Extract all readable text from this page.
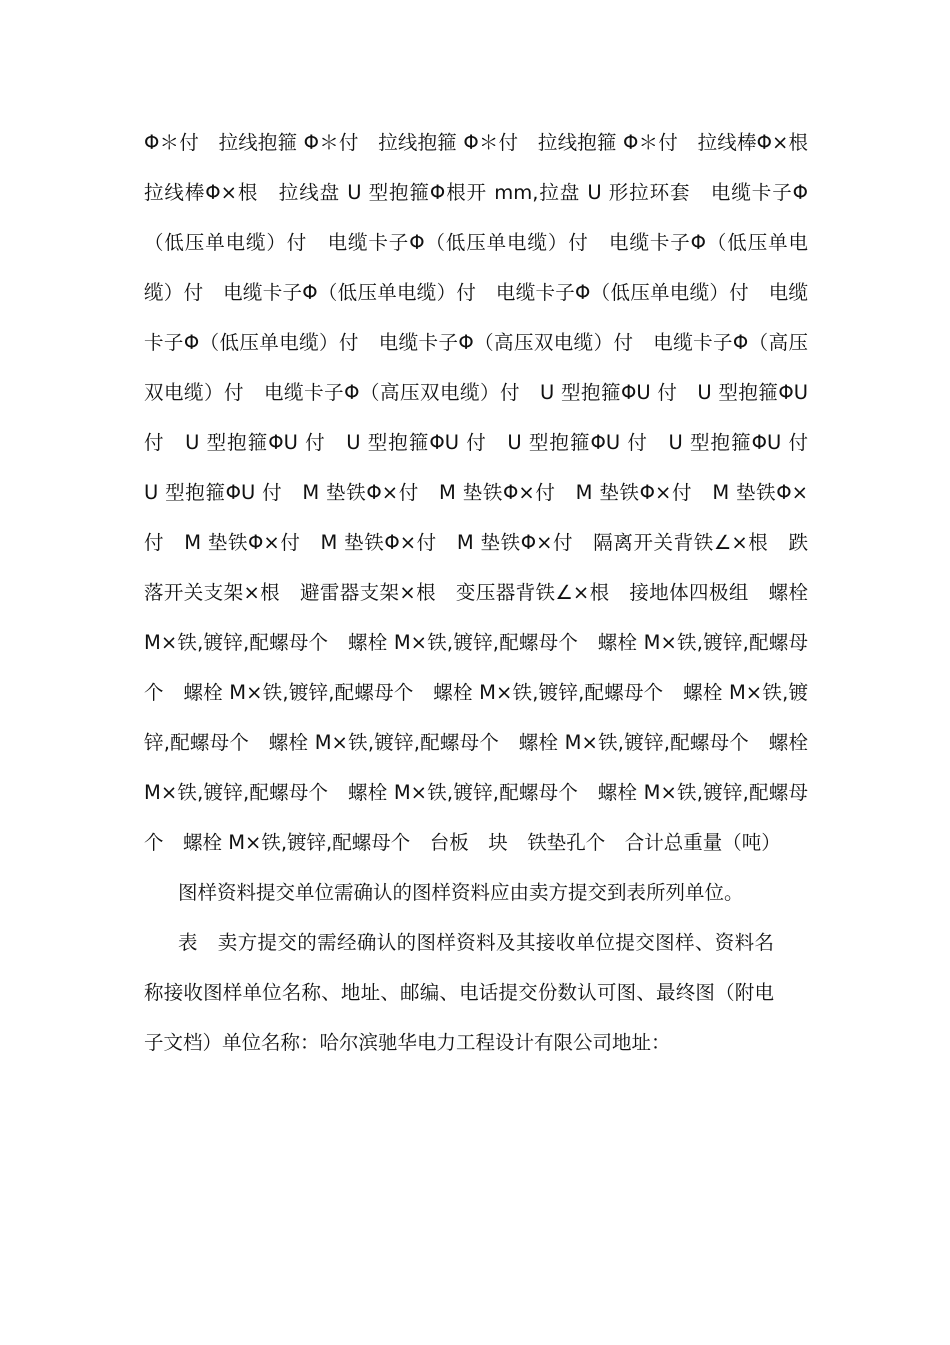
Φ＊付　拉线抱箍 Φ＊付　拉线抱箍 Φ＊付　拉线抱箍 Φ＊付　拉线棒Φ×根　拉线棒Φ×根　拉线盘 U 型抱箍Φ根开 mm,拉盘 U 形拉环套　电缆卡子Φ（低压单电缆）付　电缆卡子Φ（低压单电缆）付　电缆卡子Φ（低压单电缆）付　电缆卡子Φ（低压单电缆）付　电缆卡子Φ（低压单电缆）付　电缆卡子Φ（低压单电缆）付　电缆卡子Φ（高压双电缆）付　电缆卡子Φ（高压双电缆）付　电缆卡子Φ（高压双电缆）付　U 型抱箍ΦU 付　U 型抱箍ΦU 付　U 型抱箍ΦU 付　U 型抱箍ΦU 付　U 型抱箍ΦU 付　U 型抱箍ΦU 付　U 型抱箍ΦU 付　M 垫铁Φ×付　M 垫铁Φ×付　M 垫铁Φ×付　M 垫铁Φ×付　M 垫铁Φ×付　M 垫铁Φ×付　M 垫铁Φ×付　隔离开关背铁∠×根　跌落开关支架×根　避雷器支架×根　变压器背铁∠×根　接地体四极组　螺栓 M×铁,镀锌,配螺母个　螺栓 M×铁,镀锌,配螺母个　螺栓 M×铁,镀锌,配螺母个　螺栓 M×铁,镀锌,配螺母个　螺栓 M×铁,镀锌,配螺母个　螺栓 M×铁,镀锌,配螺母个　螺栓 M×铁,镀锌,配螺母个　螺栓 M×铁,镀锌,配螺母个　螺栓 M×铁,镀锌,配螺母个　螺栓 M×铁,镀锌,配螺母个　螺栓 M×铁,镀锌,配螺母个　螺栓 M×铁,镀锌,配螺母个　台板　块　铁垫孔个　合计总重量（吨）

图样资料提交单位需确认的图样资料应由卖方提交到表所列单位。

表　卖方提交的需经确认的图样资料及其接收单位提交图样、资料名称接收图样单位名称、地址、邮编、电话提交份数认可图、最终图（附电子文档）单位名称：哈尔滨驰华电力工程设计有限公司地址：
